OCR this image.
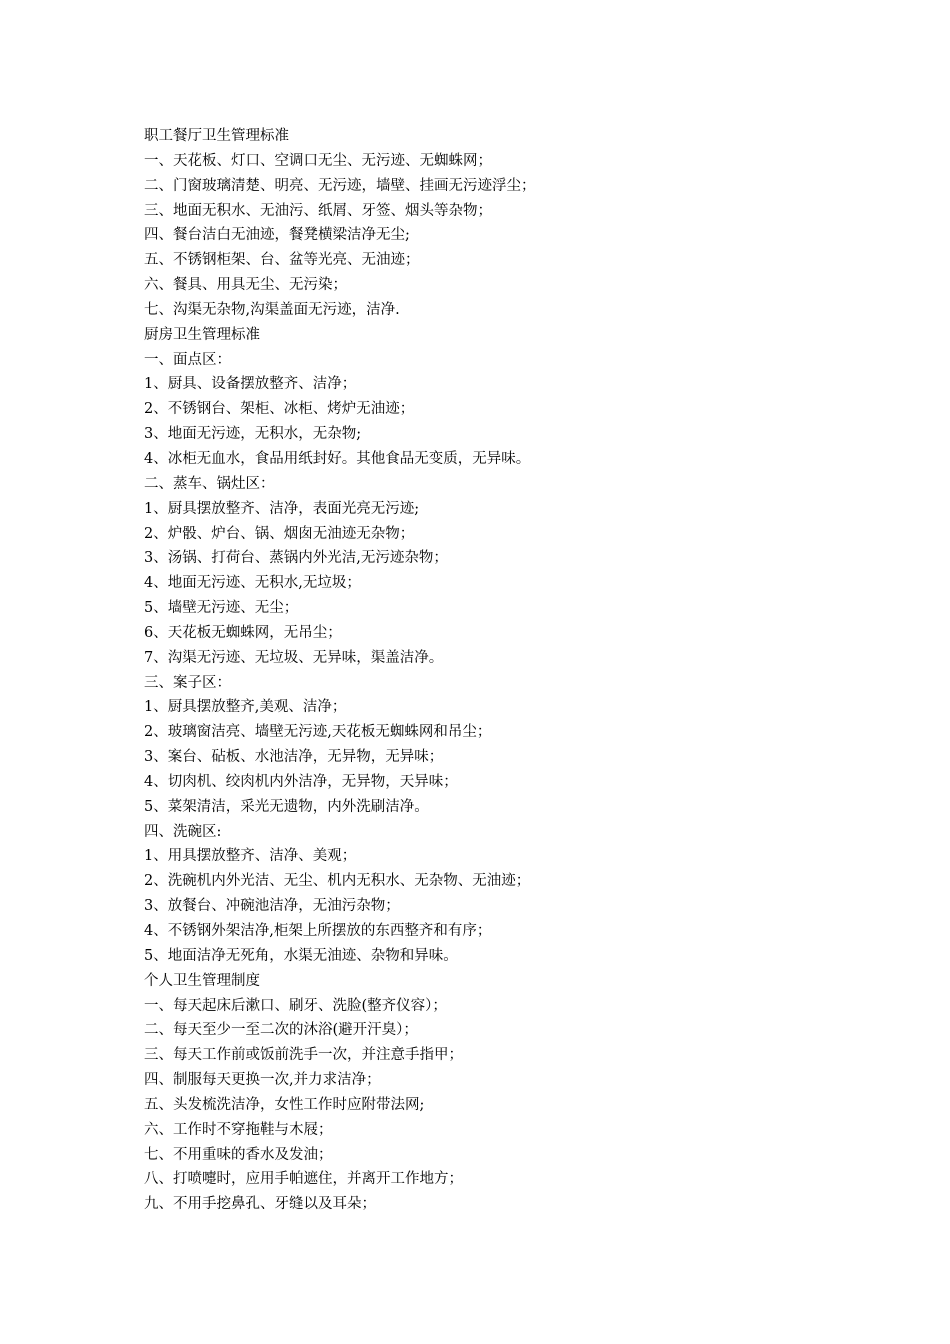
职工餐厅卫生管理标准
一、天花板、灯口、空调口无尘、无污迹、无蜘蛛网；
二、门窗玻璃清楚、明亮、无污迹，墙壁、挂画无污迹浮尘；
三、地面无积水、无油污、纸屑、牙签、烟头等杂物；
四、餐台洁白无油迹，餐凳横梁洁净无尘;
五、不锈钢柜架、台、盆等光亮、无油迹；
六、餐具、用具无尘、无污染；
七、沟渠无杂物,沟渠盖面无污迹，洁净.
厨房卫生管理标准
一、面点区：
1、厨具、设备摆放整齐、洁净；
2、不锈钢台、架柜、冰柜、烤炉无油迹；
3、地面无污迹，无积水，无杂物;
4、冰柜无血水，食品用纸封好。其他食品无变质，无异味。
二、蒸车、锅灶区：
1、厨具摆放整齐、洁净，表面光亮无污迹;
2、炉骰、炉台、锅、烟囱无油迹无杂物；
3、汤锅、打荷台、蒸锅内外光洁,无污迹杂物；
4、地面无污迹、无积水,无垃圾；
5、墙壁无污迹、无尘；
6、天花板无蜘蛛网，无吊尘；
7、沟渠无污迹、无垃圾、无异味，渠盖洁净。
三、案子区：
1、厨具摆放整齐,美观、洁净；
2、玻璃窗洁亮、墙壁无污迹,天花板无蜘蛛网和吊尘；
3、案台、砧板、水池洁净，无异物，无异味；
4、切肉机、绞肉机内外洁净，无异物，天异味；
5、菜架清洁，采光无遗物，内外洗刷洁净。
四、洗碗区:
1、用具摆放整齐、洁净、美观；
2、洗碗机内外光洁、无尘、机内无积水、无杂物、无油迹；
3、放餐台、冲碗池洁净，无油污杂物；
4、不锈钢外架洁净,柜架上所摆放的东西整齐和有序；
5、地面洁净无死角，水渠无油迹、杂物和异味。
个人卫生管理制度
一、每天起床后漱口、刷牙、洗脸(整齐仪容）；
二、每天至少一至二次的沐浴(避开汗臭）；
三、每天工作前或饭前洗手一次，并注意手指甲；
四、制服每天更换一次,并力求洁净；
五、头发梳洗洁净，女性工作时应附带法网;
六、工作时不穿拖鞋与木屐；
七、不用重味的香水及发油；
八、打喷嚏时，应用手帕遮住，并离开工作地方；
九、不用手挖鼻孔、牙缝以及耳朵；
